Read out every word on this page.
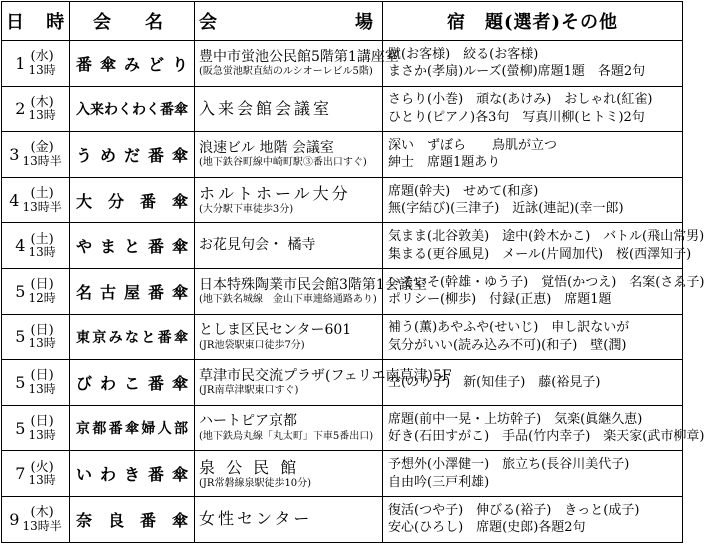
日 時	会　名	会　場	宿　題(選者)その他

1 (水)
13時	番傘みどり	豊中市蛍池公民館5階第1講座室
(阪急蛍池駅直結のルシオーレビル5階)	蹴(お客様)　絞る(お客様)
まさか(孝扇)ルーズ(螢柳)席題1題　各題2句

2 (木)
13時	入来わくわく番傘	入来会館会議室	さらり(小巻)　頑な(あけみ)　おしゃれ(紅雀)
ひとり(ピアノ)各3句　写真川柳(ヒトミ)2句

3 (金)
13時半	うめだ番傘	浪速ビル 地階 会議室
(地下鉄谷町線中崎町駅③番出口すぐ)	深い　ずぼら　　鳥肌が立つ
紳士　席題1題あり

4 (土)
13時半	大分番傘	ホルトホール大分
(大分駅下車徒歩3分)	席題(幹夫)　せめて(和彦)
無(字結び)(三津子)　近詠(連記)(幸一郎)

4 (土)
13時	やまと番傘	お花見句会・ 橘寺	気まま(北谷敦美)　途中(鈴木かこ)　バトル(飛山常男)
集まる(更谷風見)　メール(片岡加代)　桜(西澤知子)

5 (日)
12時	名古屋番傘	日本特殊陶業市民会館3階第1会議室
(地下鉄名城線　金山下車連絡通路あり)	いそいそ(幹雄・ゆう子)　覚悟(かつえ)　名案(さゑ子)
ポリシー(柳歩)　付録(正恵)　席題1題

5 (日)
13時	東京みなと番傘	としま区民センター601
(JR池袋駅東口徒歩7分)	補う(薫)あやふや(せいじ)　申し訳ないが
気分がいい(読み込み不可)(和子)　壁(潤)

5 (日)
13時	びわこ番傘	草津市民交流プラザ(フェリエ南草津)5F
(JR南草津駅東口すぐ)	空(のり子)　新(知佳子)　藤(裕見子)

5 (日)
13時	京都番傘婦人部	ハートピア京都
(地下鉄烏丸線「丸太町」下車5番出口)	席題(前中一晃・上坊幹子)　気楽(眞継久恵)
好き(石田すがこ)　手品(竹内幸子)　楽天家(武市柳章)

7 (火)
13時	いわき番傘	泉 公 民 館
(JR常磐線泉駅徒歩10分)	予想外(小澤健一)　旅立ち(長谷川美代子)
自由吟(三戸利雄)

9 (木)
13時半	奈良番傘	女性センター	復活(つや子)　伸びる(裕子)　きっと(成子)
安心(ひろし)　席題(史郎)各題2句
